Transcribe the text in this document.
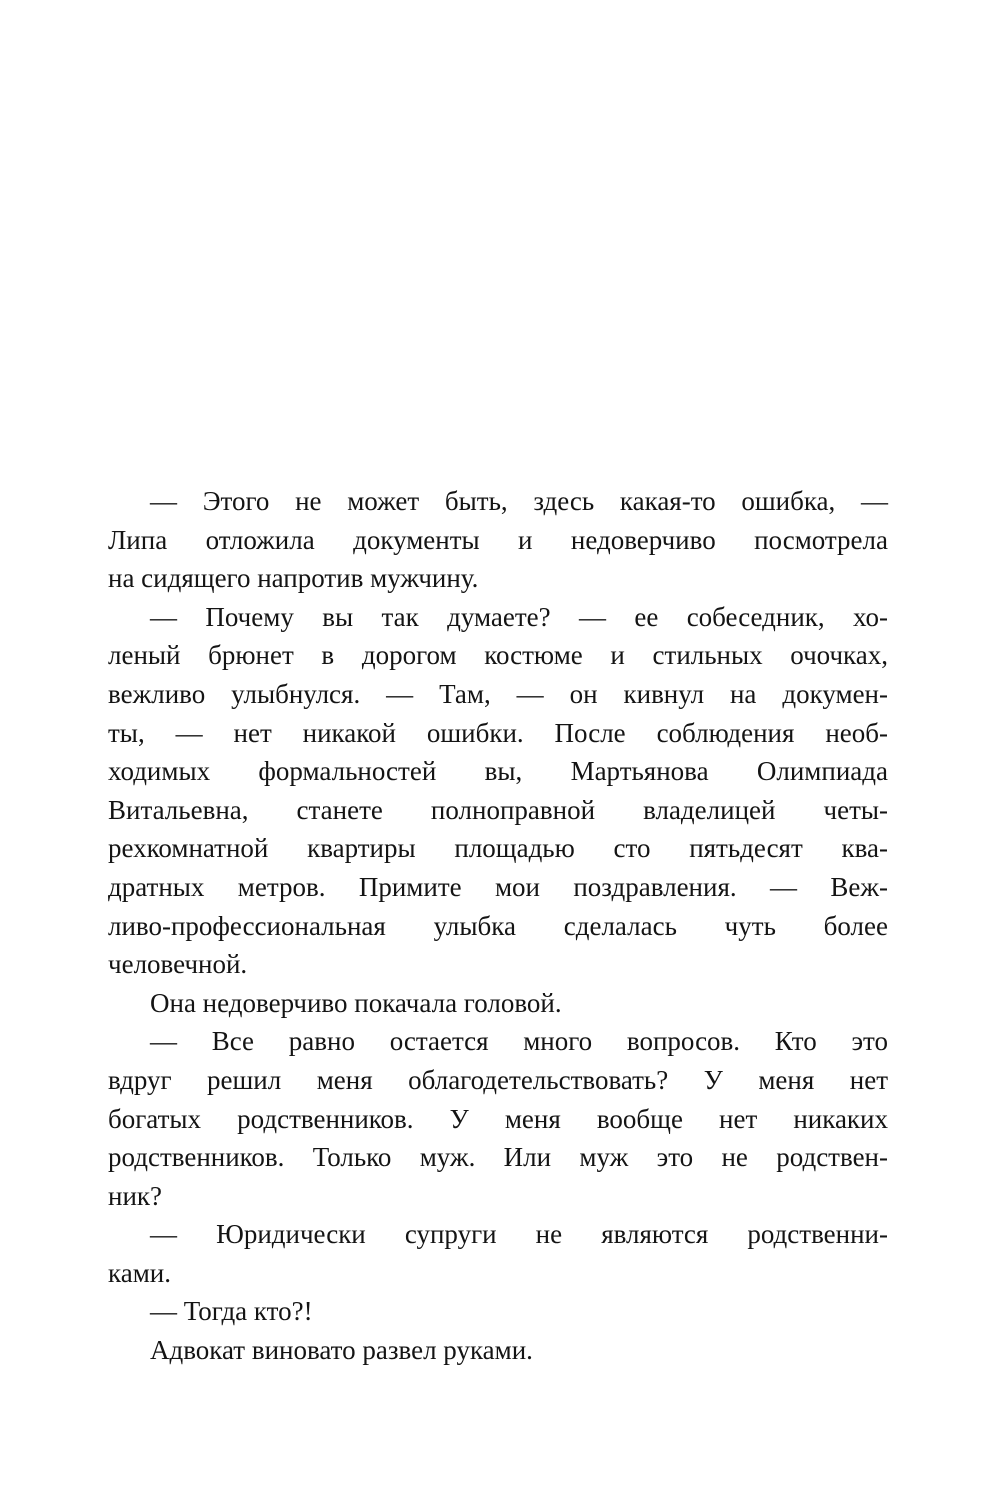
— Этого не может быть, здесь какая-то ошибка, —
Липа отложила документы и недоверчиво посмотрела
на сидящего напротив мужчину.

— Почему вы так думаете? — ее собеседник, хо-
леный брюнет в дорогом костюме и стильных очочках,
вежливо улыбнулся. — Там, — он кивнул на докумен-
ты, — нет никакой ошибки. После соблюдения необ-
ходимых формальностей вы, Мартьянова Олимпиада
Витальевна, станете полноправной владелицей четы-
рехкомнатной квартиры площадью сто пятьдесят ква-
дратных метров. Примите мои поздравления. — Веж-
ливо-профессиональная улыбка сделалась чуть более
человечной.

Она недоверчиво покачала головой.

— Все равно остается много вопросов. Кто это
вдруг решил меня облагодетельствовать? У меня нет
богатых родственников. У меня вообще нет никаких
родственников. Только муж. Или муж это не родствен-
ник?

— Юридически супруги не являются родственни-
ками.

— Тогда кто?!

Адвокат виновато развел руками.
